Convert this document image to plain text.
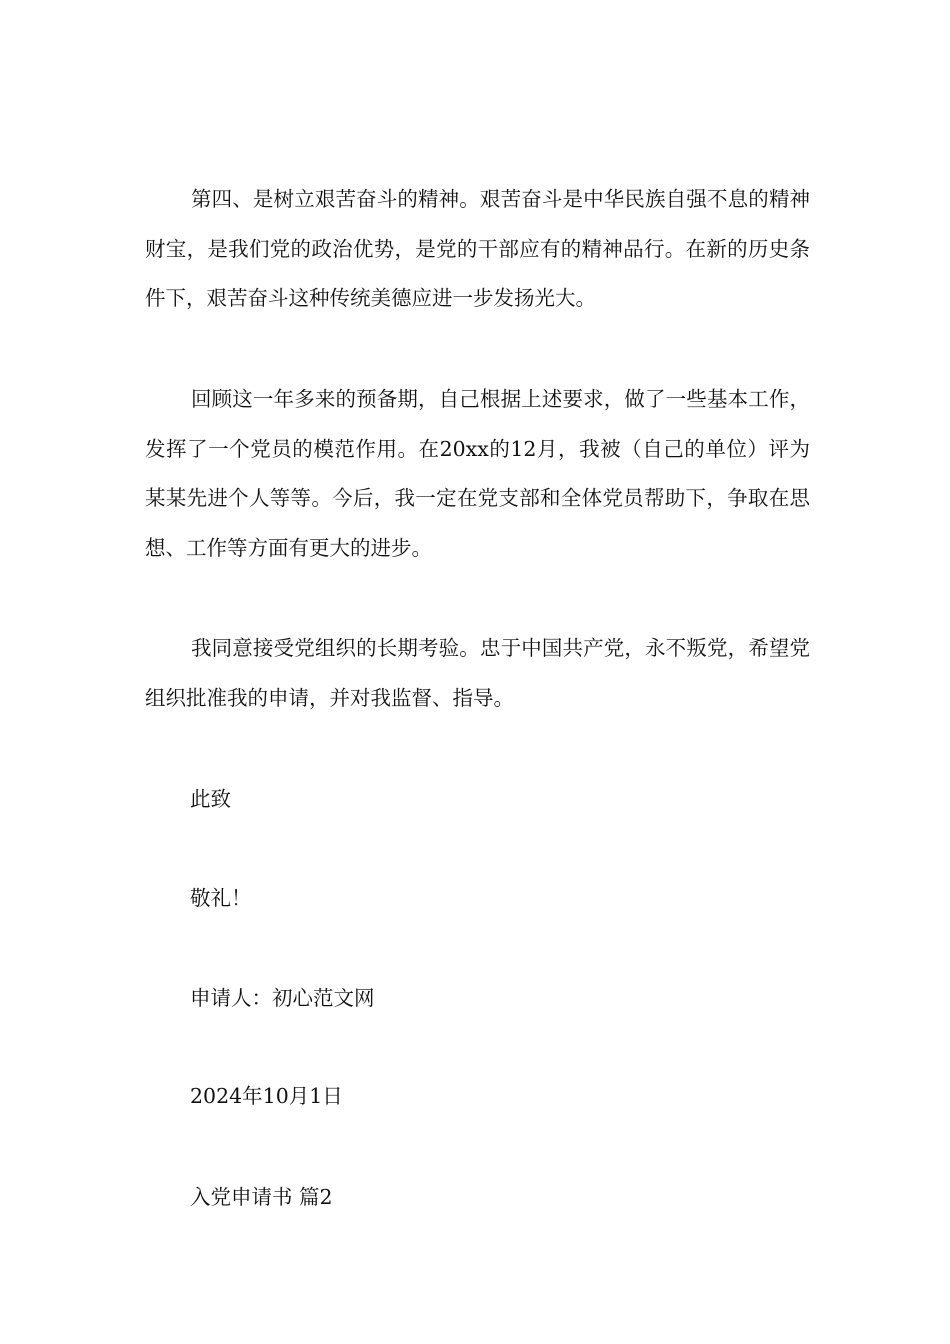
第四、是树立艰苦奋斗的精神。艰苦奋斗是中华民族自强不息的精神财宝，是我们党的政治优势，是党的干部应有的精神品行。在新的历史条件下，艰苦奋斗这种传统美德应进一步发扬光大。

回顾这一年多来的预备期，自己根据上述要求，做了一些基本工作，发挥了一个党员的模范作用。在20xx的12月，我被（自己的单位）评为某某先进个人等等。今后，我一定在党支部和全体党员帮助下，争取在思想、工作等方面有更大的进步。

我同意接受党组织的长期考验。忠于中国共产党，永不叛党，希望党组织批准我的申请，并对我监督、指导。

此致

敬礼！

申请人：初心范文网

2024年10月1日

入党申请书 篇2
